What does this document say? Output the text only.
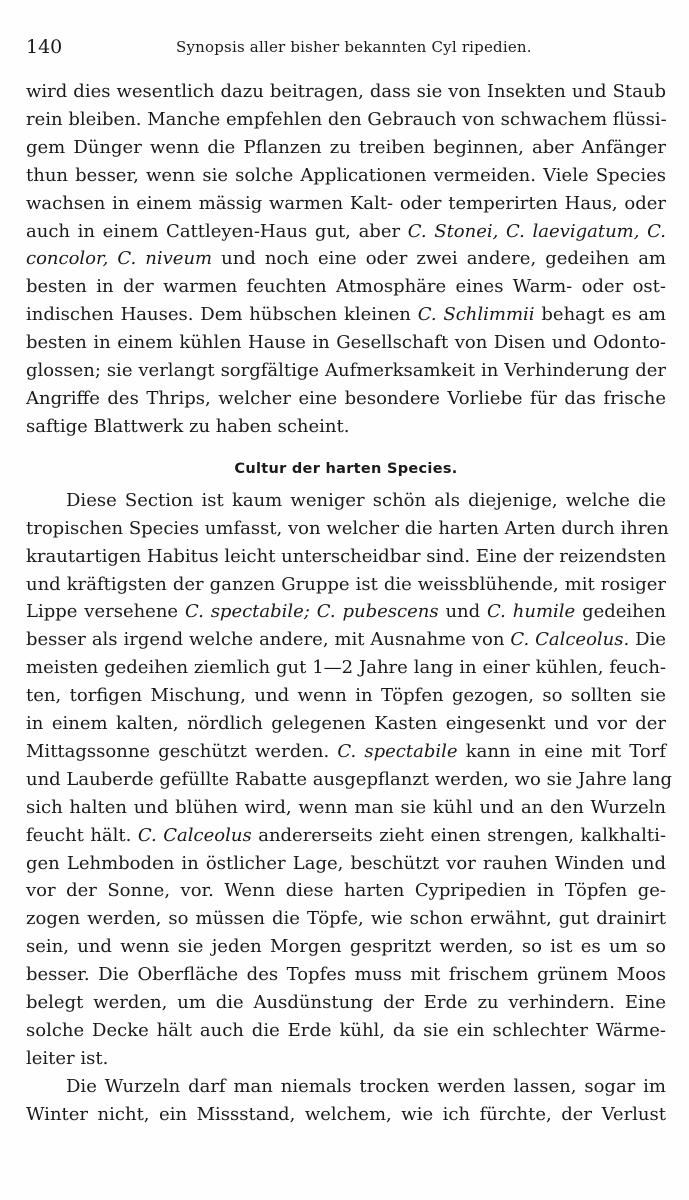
140	Synopsis aller bisher bekannten Cyl ripedien.

wird dies wesentlich dazu beitragen, dass sie von Insekten und Staub
rein bleiben. Manche empfehlen den Gebrauch von schwachem flüssi-
gem Dünger wenn die Pflanzen zu treiben beginnen, aber Anfänger
thun besser, wenn sie solche Applicationen vermeiden. Viele Species
wachsen in einem mässig warmen Kalt- oder temperirten Haus, oder
auch in einem Cattleyen-Haus gut, aber C. Stonei, C. laevigatum, C.
concolor, C. niveum und noch eine oder zwei andere, gedeihen am
besten in der warmen feuchten Atmosphäre eines Warm- oder ost-
indischen Hauses. Dem hübschen kleinen C. Schlimmii behagt es am
besten in einem kühlen Hause in Gesellschaft von Disen und Odonto-
glossen; sie verlangt sorgfältige Aufmerksamkeit in Verhinderung der
Angriffe des Thrips, welcher eine besondere Vorliebe für das frische
saftige Blattwerk zu haben scheint.

Cultur der harten Species.

Diese Section ist kaum weniger schön als diejenige, welche die
tropischen Species umfasst, von welcher die harten Arten durch ihren
krautartigen Habitus leicht unterscheidbar sind. Eine der reizendsten
und kräftigsten der ganzen Gruppe ist die weissblühende, mit rosiger
Lippe versehene C. spectabile; C. pubescens und C. humile gedeihen
besser als irgend welche andere, mit Ausnahme von C. Calceolus. Die
meisten gedeihen ziemlich gut 1—2 Jahre lang in einer kühlen, feuch-
ten, torfigen Mischung, und wenn in Töpfen gezogen, so sollten sie
in einem kalten, nördlich gelegenen Kasten eingesenkt und vor der
Mittagssonne geschützt werden. C. spectabile kann in eine mit Torf
und Lauberde gefüllte Rabatte ausgepflanzt werden, wo sie Jahre lang
sich halten und blühen wird, wenn man sie kühl und an den Wurzeln
feucht hält. C. Calceolus andererseits zieht einen strengen, kalkhalti-
gen Lehmboden in östlicher Lage, beschützt vor rauhen Winden und
vor der Sonne, vor. Wenn diese harten Cypripedien in Töpfen ge-
zogen werden, so müssen die Töpfe, wie schon erwähnt, gut drainirt
sein, und wenn sie jeden Morgen gespritzt werden, so ist es um so
besser. Die Oberfläche des Topfes muss mit frischem grünem Moos
belegt werden, um die Ausdünstung der Erde zu verhindern. Eine
solche Decke hält auch die Erde kühl, da sie ein schlechter Wärme-
leiter ist.

Die Wurzeln darf man niemals trocken werden lassen, sogar im
Winter nicht, ein Missstand, welchem, wie ich fürchte, der Verlust
